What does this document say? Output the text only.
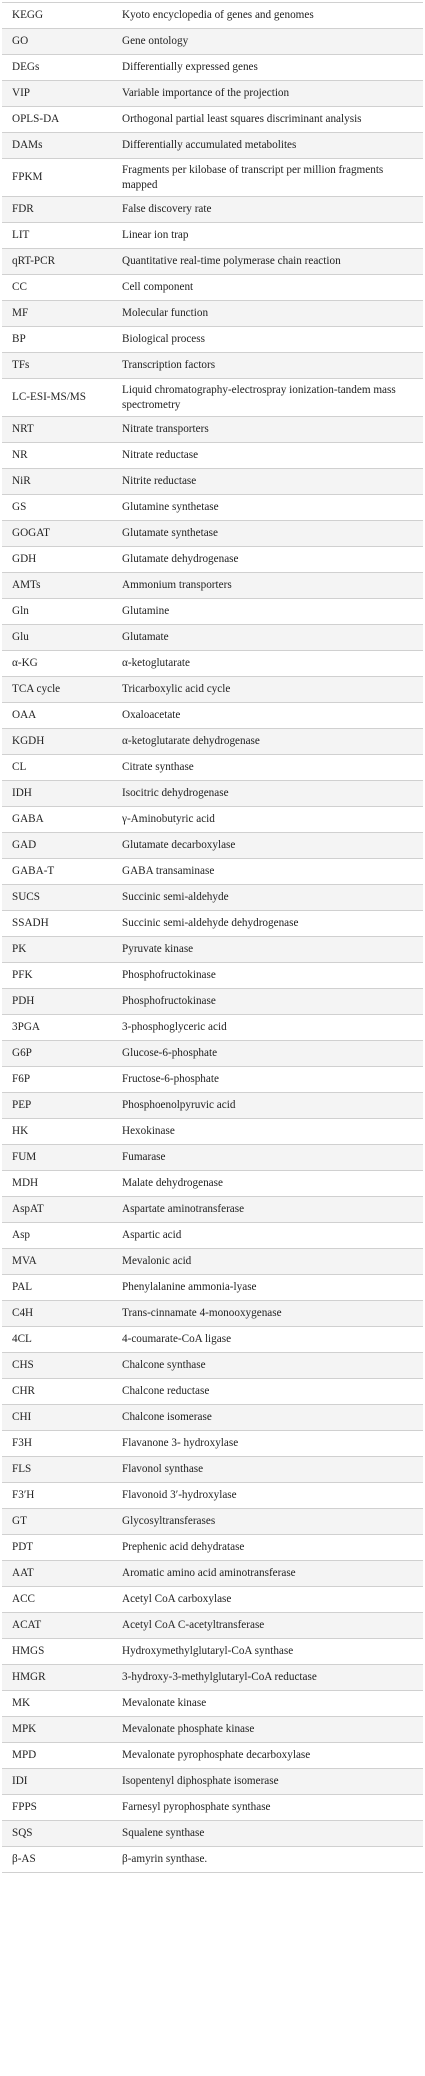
KEGG	Kyoto encyclopedia of genes and genomes
GO	Gene ontology
DEGs	Differentially expressed genes
VIP	Variable importance of the projection
OPLS-DA	Orthogonal partial least squares discriminant analysis
DAMs	Differentially accumulated metabolites
FPKM	Fragments per kilobase of transcript per million fragments mapped
FDR	False discovery rate
LIT	Linear ion trap
qRT-PCR	Quantitative real-time polymerase chain reaction
CC	Cell component
MF	Molecular function
BP	Biological process
TFs	Transcription factors
LC-ESI-MS/MS	Liquid chromatography-electrospray ionization-tandem mass spectrometry
NRT	Nitrate transporters
NR	Nitrate reductase
NiR	Nitrite reductase
GS	Glutamine synthetase
GOGAT	Glutamate synthetase
GDH	Glutamate dehydrogenase
AMTs	Ammonium transporters
Gln	Glutamine
Glu	Glutamate
α-KG	α-ketoglutarate
TCA cycle	Tricarboxylic acid cycle
OAA	Oxaloacetate
KGDH	α-ketoglutarate dehydrogenase
CL	Citrate synthase
IDH	Isocitric dehydrogenase
GABA	γ-Aminobutyric acid
GAD	Glutamate decarboxylase
GABA-T	GABA transaminase
SUCS	Succinic semi-aldehyde
SSADH	Succinic semi-aldehyde dehydrogenase
PK	Pyruvate kinase
PFK	Phosphofructokinase
PDH	Phosphofructokinase
3PGA	3-phosphoglyceric acid
G6P	Glucose-6-phosphate
F6P	Fructose-6-phosphate
PEP	Phosphoenolpyruvic acid
HK	Hexokinase
FUM	Fumarase
MDH	Malate dehydrogenase
AspAT	Aspartate aminotransferase
Asp	Aspartic acid
MVA	Mevalonic acid
PAL	Phenylalanine ammonia-lyase
C4H	Trans-cinnamate 4-monooxygenase
4CL	4-coumarate-CoA ligase
CHS	Chalcone synthase
CHR	Chalcone reductase
CHI	Chalcone isomerase
F3H	Flavanone 3- hydroxylase
FLS	Flavonol synthase
F3′H	Flavonoid 3′-hydroxylase
GT	Glycosyltransferases
PDT	Prephenic acid dehydratase
AAT	Aromatic amino acid aminotransferase
ACC	Acetyl CoA carboxylase
ACAT	Acetyl CoA C-acetyltransferase
HMGS	Hydroxymethylglutaryl-CoA synthase
HMGR	3-hydroxy-3-methylglutaryl-CoA reductase
MK	Mevalonate kinase
MPK	Mevalonate phosphate kinase
MPD	Mevalonate pyrophosphate decarboxylase
IDI	Isopentenyl diphosphate isomerase
FPPS	Farnesyl pyrophosphate synthase
SQS	Squalene synthase
β-AS	β-amyrin synthase.
